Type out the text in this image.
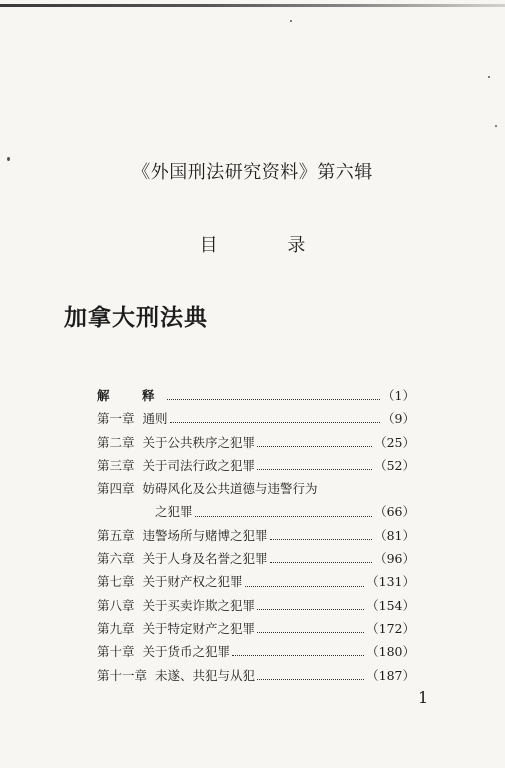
《外国刑法研究资料》第六辑
目 录
加拿大刑法典
解　释	（1）
第一章 通则	（9）
第二章 关于公共秩序之犯罪	（25）
第三章 关于司法行政之犯罪	（52）
第四章 妨碍风化及公共道德与违警行为
之犯罪	（66）
第五章 违警场所与赌博之犯罪	（81）
第六章 关于人身及名誉之犯罪	（96）
第七章 关于财产权之犯罪	（131）
第八章 关于买卖诈欺之犯罪	（154）
第九章 关于特定财产之犯罪	（172）
第十章 关于货币之犯罪	（180）
第十一章 未遂、共犯与从犯	（187）
1
